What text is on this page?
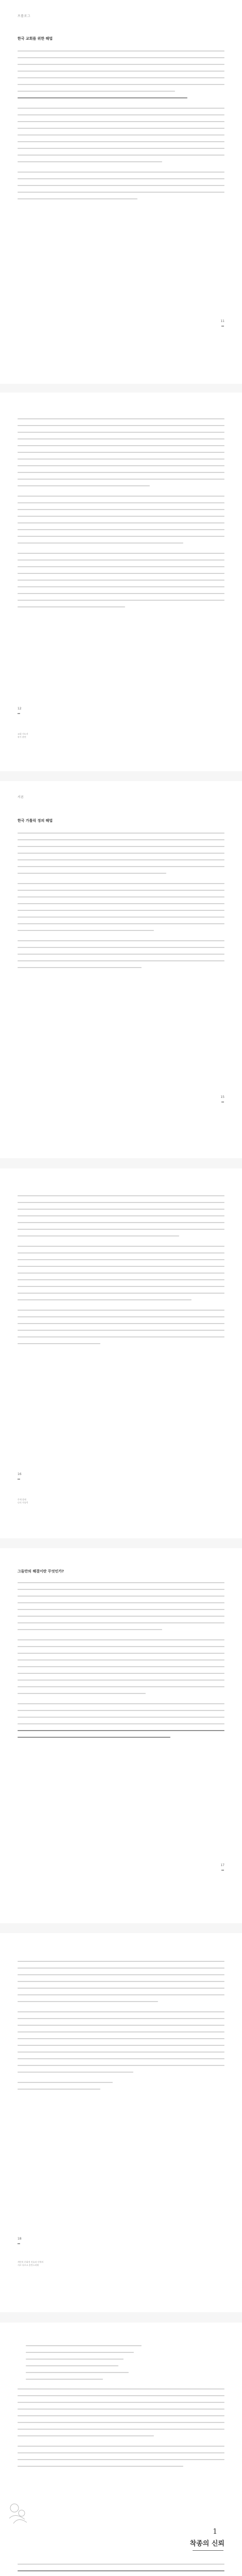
프롤로그
한국 교회를 위한 해법
11
12
교회 지도자
작가 관련
서론
한국 가톨릭 정의 해법
15
16
존재 상태
나의 가톨릭
그들만의 해결이란 무엇인가?
17
18
개인의 문화적 진술과 사역의
서로 다르고 혼란스러워
1
착종의 신뢰
